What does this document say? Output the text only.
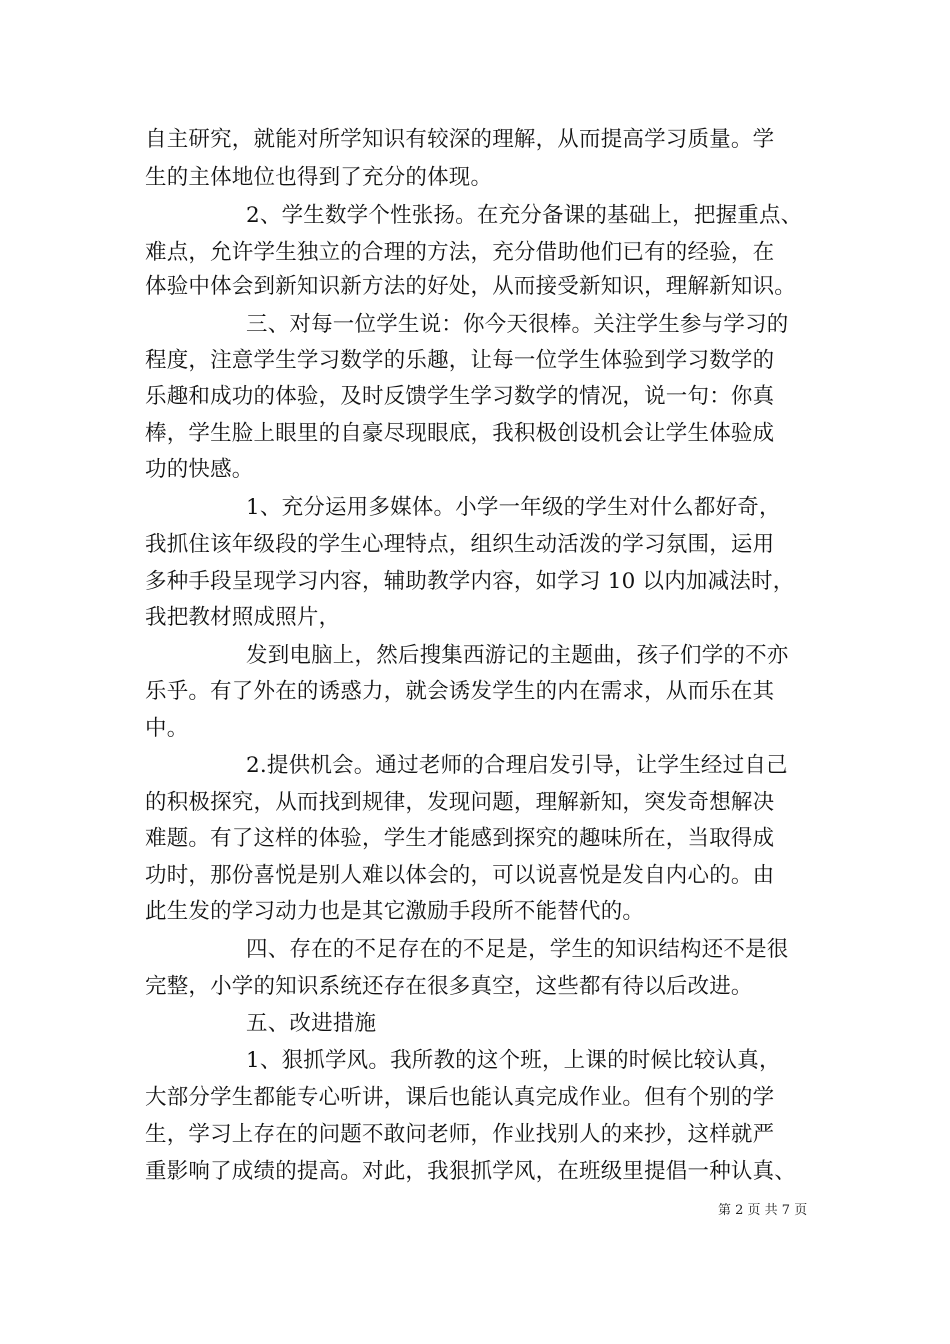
自主研究，就能对所学知识有较深的理解，从而提高学习质量。学
生的主体地位也得到了充分的体现。
2、学生数学个性张扬。在充分备课的基础上，把握重点、
难点，允许学生独立的合理的方法，充分借助他们已有的经验，在
体验中体会到新知识新方法的好处，从而接受新知识，理解新知识。
三、对每一位学生说：你今天很棒。关注学生参与学习的
程度，注意学生学习数学的乐趣，让每一位学生体验到学习数学的
乐趣和成功的体验，及时反馈学生学习数学的情况，说一句：你真
棒，学生脸上眼里的自豪尽现眼底，我积极创设机会让学生体验成
功的快感。
1、充分运用多媒体。小学一年级的学生对什么都好奇，
我抓住该年级段的学生心理特点，组织生动活泼的学习氛围，运用
多种手段呈现学习内容，辅助教学内容，如学习 10 以内加减法时，
我把教材照成照片，
发到电脑上，然后搜集西游记的主题曲，孩子们学的不亦
乐乎。有了外在的诱惑力，就会诱发学生的内在需求，从而乐在其
中。
2.提供机会。通过老师的合理启发引导，让学生经过自己
的积极探究，从而找到规律，发现问题，理解新知，突发奇想解决
难题。有了这样的体验，学生才能感到探究的趣味所在，当取得成
功时，那份喜悦是别人难以体会的，可以说喜悦是发自内心的。由
此生发的学习动力也是其它激励手段所不能替代的。
四、存在的不足存在的不足是，学生的知识结构还不是很
完整，小学的知识系统还存在很多真空，这些都有待以后改进。
五、改进措施
1、狠抓学风。我所教的这个班，上课的时候比较认真，
大部分学生都能专心听讲，课后也能认真完成作业。但有个别的学
生，学习上存在的问题不敢问老师，作业找别人的来抄，这样就严
重影响了成绩的提高。对此，我狠抓学风，在班级里提倡一种认真、
第 2 页 共 7 页
